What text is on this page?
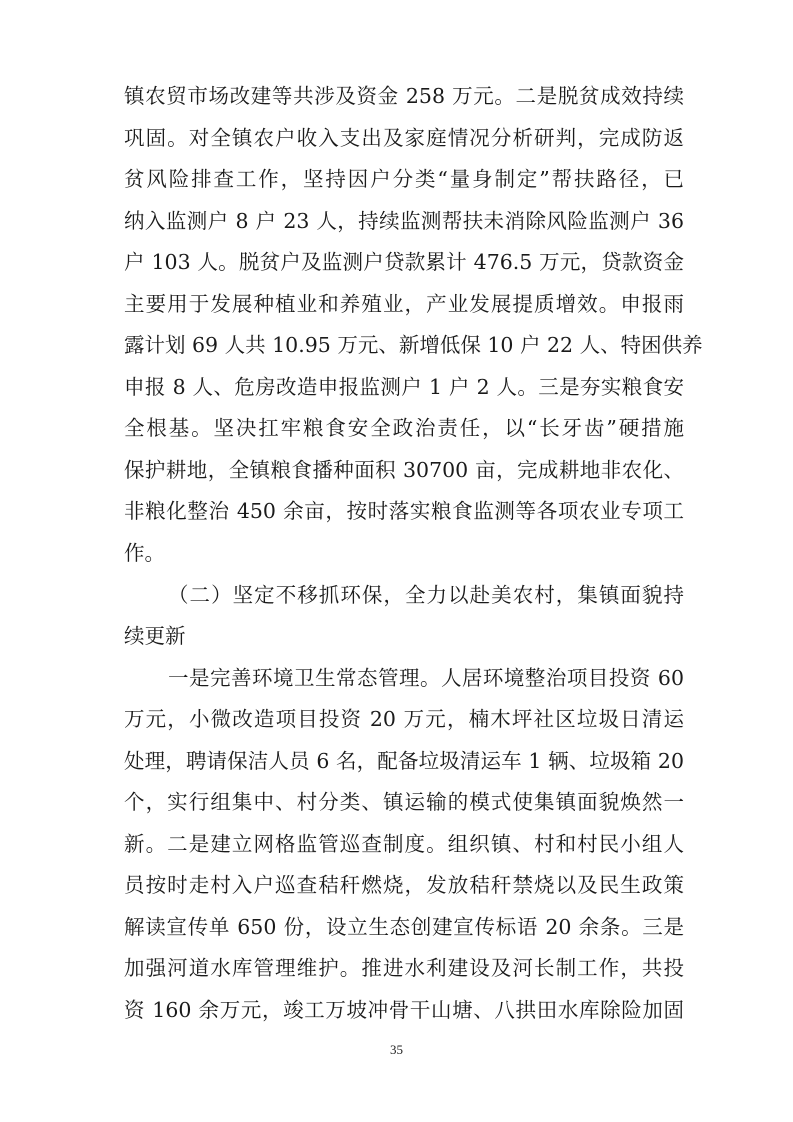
镇农贸市场改建等共涉及资金 258 万元。二是脱贫成效持续
巩固。对全镇农户收入支出及家庭情况分析研判，完成防返
贫风险排查工作，坚持因户分类“量身制定”帮扶路径，已
纳入监测户 8 户 23 人，持续监测帮扶未消除风险监测户 36
户 103 人。脱贫户及监测户贷款累计 476.5 万元，贷款资金
主要用于发展种植业和养殖业，产业发展提质增效。申报雨
露计划 69 人共 10.95 万元、新增低保 10 户 22 人、特困供养
申报 8 人、危房改造申报监测户 1 户 2 人。三是夯实粮食安
全根基。坚决扛牢粮食安全政治责任，以“长牙齿”硬措施
保护耕地，全镇粮食播种面积 30700 亩，完成耕地非农化、
非粮化整治 450 余亩，按时落实粮食监测等各项农业专项工
作。
（二）坚定不移抓环保，全力以赴美农村，集镇面貌持
续更新
一是完善环境卫生常态管理。人居环境整治项目投资 60
万元，小微改造项目投资 20 万元，楠木坪社区垃圾日清运
处理，聘请保洁人员 6 名，配备垃圾清运车 1 辆、垃圾箱 20
个，实行组集中、村分类、镇运输的模式使集镇面貌焕然一
新。二是建立网格监管巡查制度。组织镇、村和村民小组人
员按时走村入户巡查秸秆燃烧，发放秸秆禁烧以及民生政策
解读宣传单 650 份，设立生态创建宣传标语 20 余条。三是
35
加强河道水库管理维护。推进水利建设及河长制工作，共投
资 160 余万元，竣工万坡冲骨干山塘、八拱田水库除险加固
